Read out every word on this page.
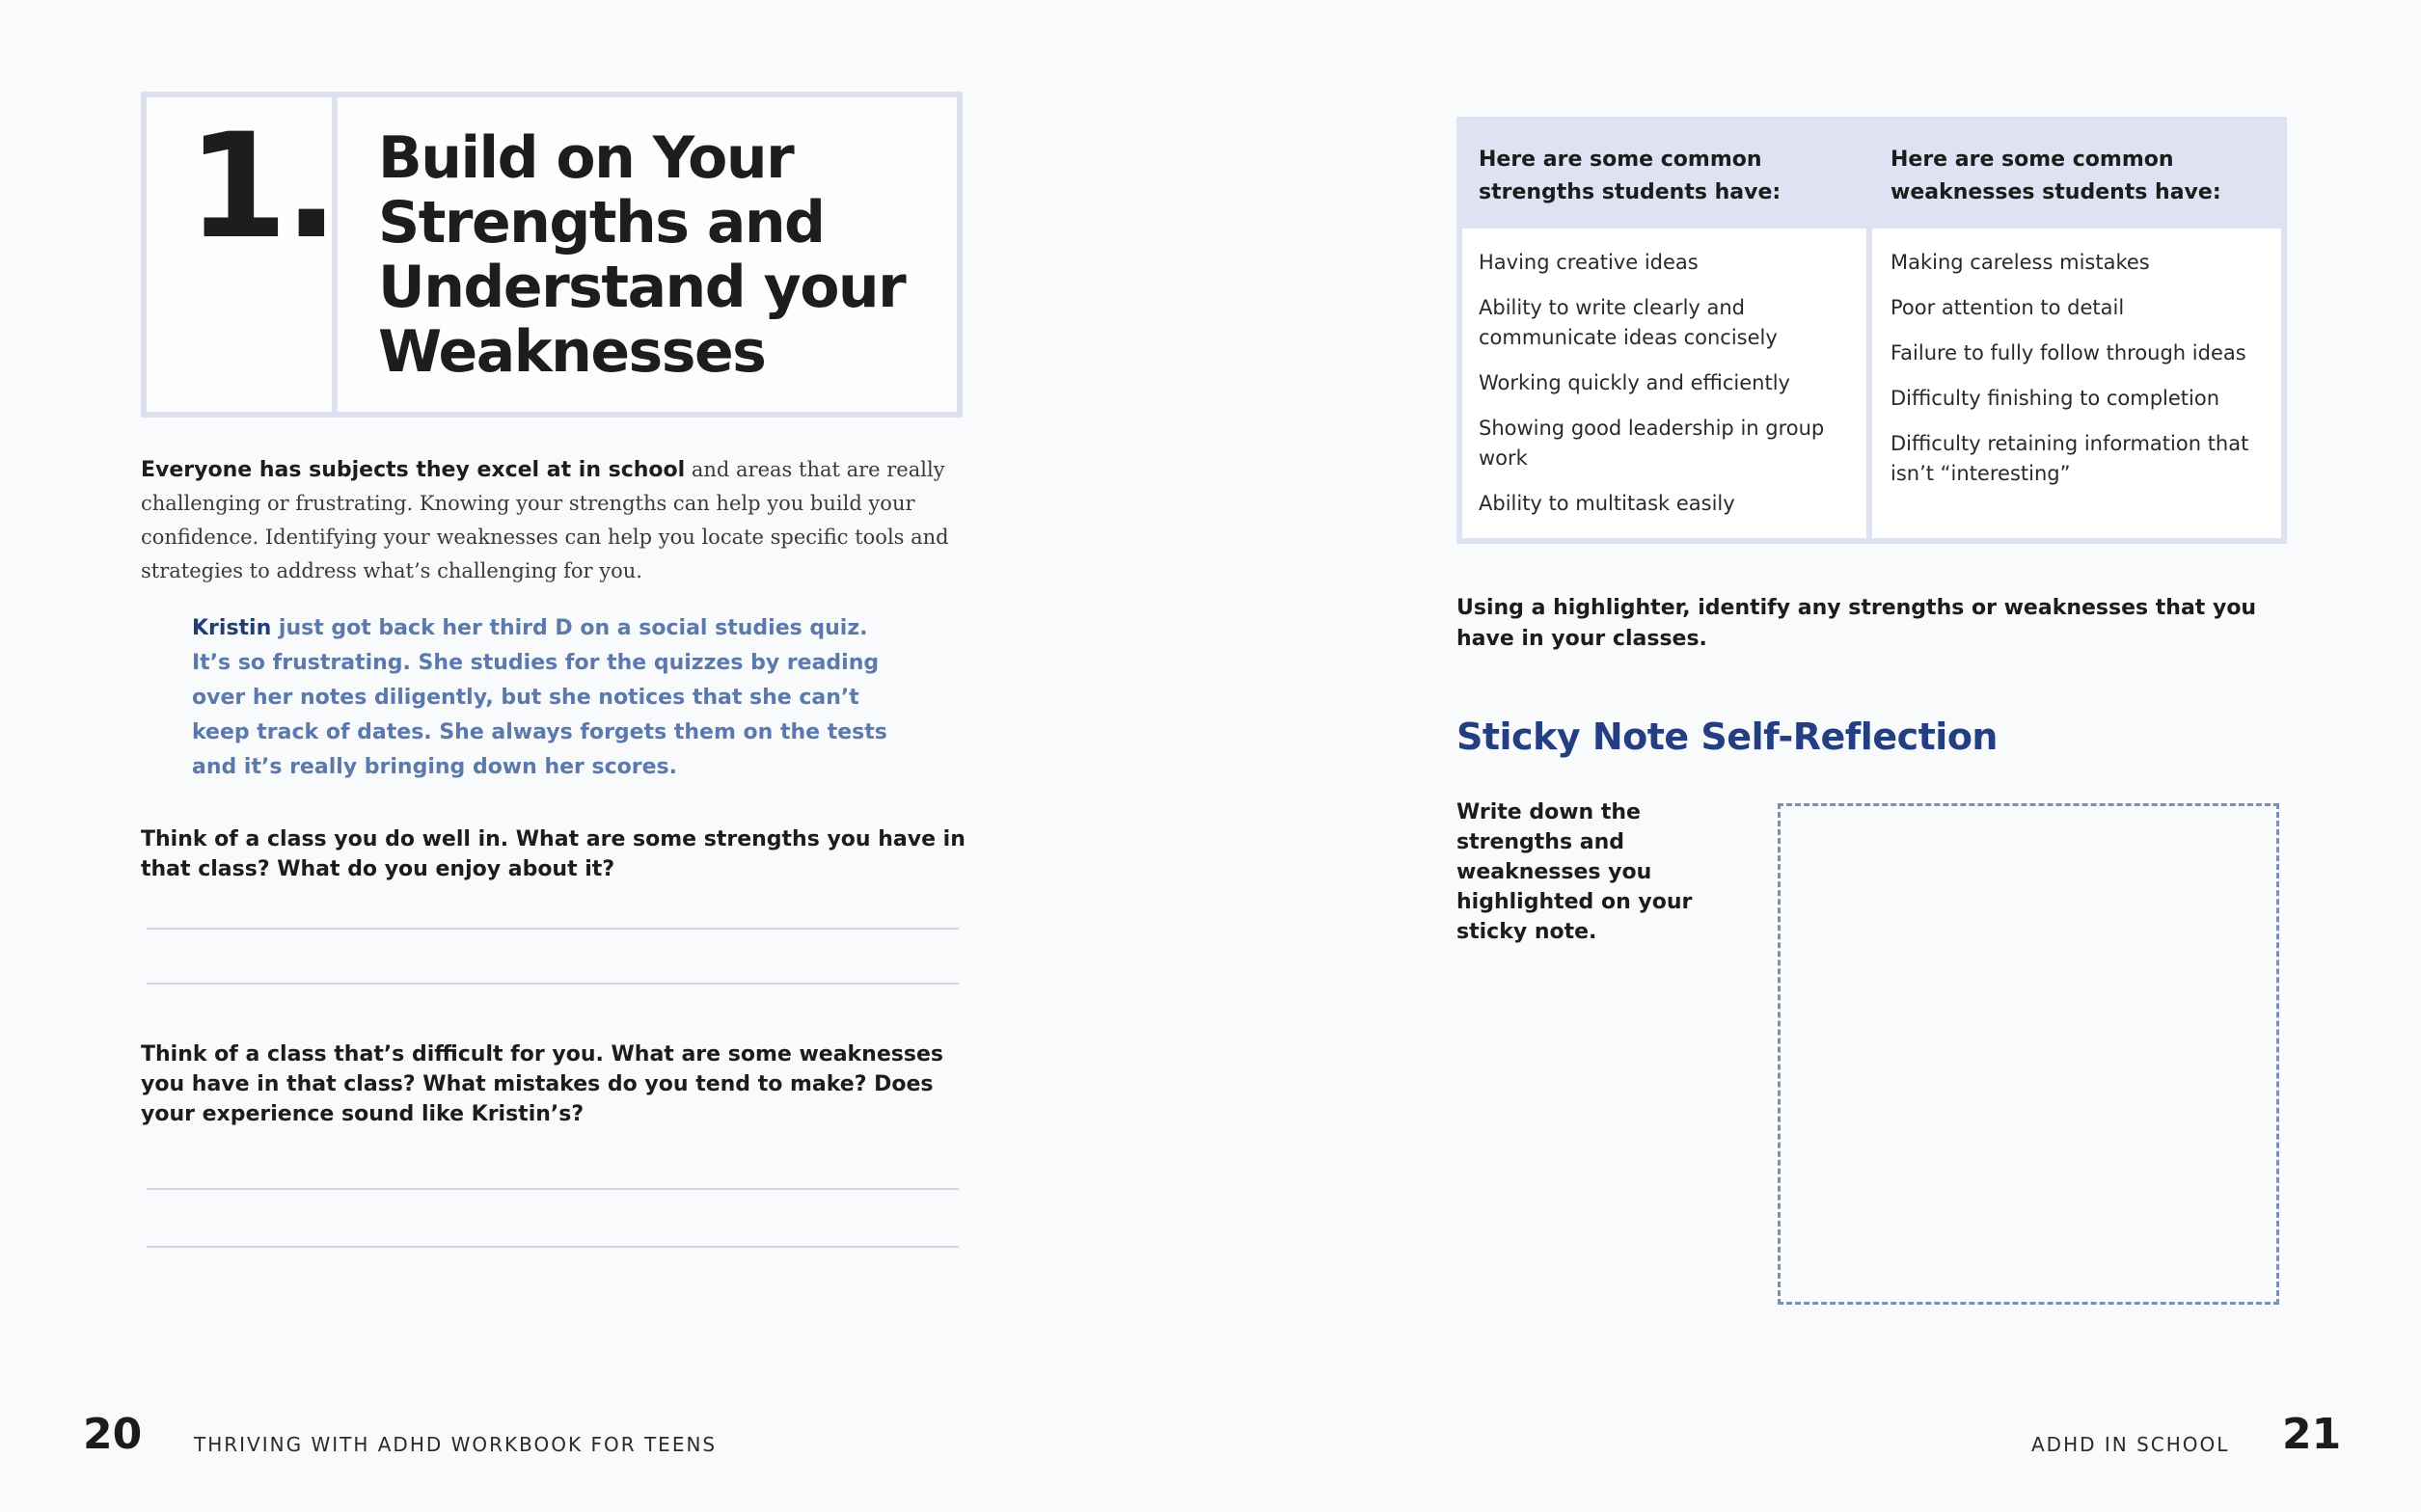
1. Build on Your Strengths and Understand your Weaknesses

Everyone has subjects they excel at in school and areas that are really challenging or frustrating. Knowing your strengths can help you build your confidence. Identifying your weaknesses can help you locate specific tools and strategies to address what’s challenging for you.

Kristin just got back her third D on a social studies quiz. It’s so frustrating. She studies for the quizzes by reading over her notes diligently, but she notices that she can’t keep track of dates. She always forgets them on the tests and it’s really bringing down her scores.

Think of a class you do well in. What are some strengths you have in that class? What do you enjoy about it?
Think of a class that’s difficult for you. What are some weaknesses you have in that class? What mistakes do you tend to make? Does your experience sound like Kristin’s?
Here are some common strengths students have:
Here are some common weaknesses students have:
Having creative ideas
Ability to write clearly and communicate ideas concisely
Working quickly and efficiently
Showing good leadership in group work
Ability to multitask easily
Making careless mistakes
Poor attention to detail
Failure to fully follow through ideas
Difficulty finishing to completion
Difficulty retaining information that isn’t “interesting”
Using a highlighter, identify any strengths or weaknesses that you have in your classes.
Sticky Note Self-Reflection
Write down the strengths and weaknesses you highlighted on your sticky note.
20	THRIVING WITH ADHD WORKBOOK FOR TEENS	ADHD IN SCHOOL 21
